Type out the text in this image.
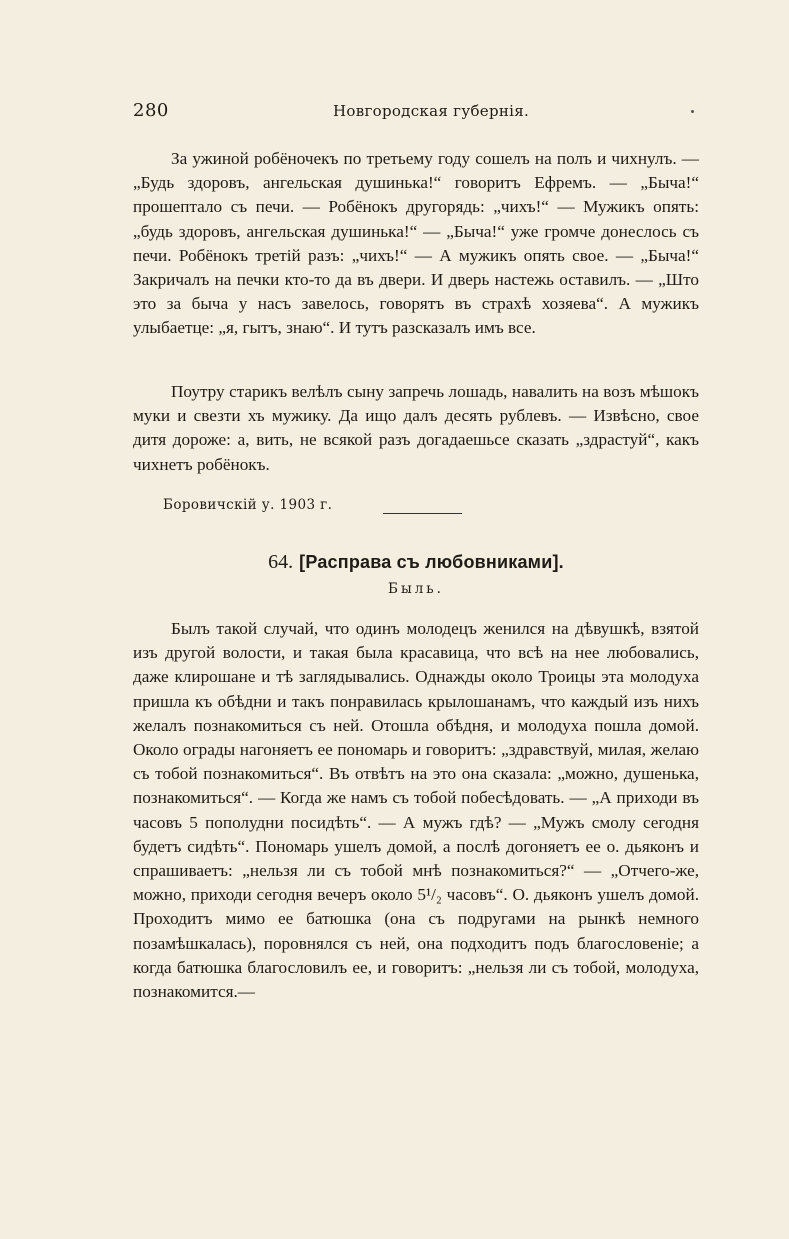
280	Новгородская губернія.

За ужиной робёночекъ по третьему году сошелъ на полъ и чихнулъ. — „Будь здоровъ, ангельская душинька!“ говоритъ Ефремъ. — „Быча!“ прошептало съ печи. — Робёнокъ другорядь: „чихъ!“ — Мужикъ опять: „будь здоровъ, ангельская душинька!“ — „Быча!“ уже громче донеслось съ печи. Робёнокъ третій разъ: „чихъ!“ — А мужикъ опять свое. — „Быча!“ Закричалъ на печки кто-то да въ двери. И дверь настежь оставилъ. — „Што это за быча у насъ завелось, говорятъ въ страхѣ хозяева“. А мужикъ улыбаетце: „я, гытъ, знаю“. И тутъ разсказалъ имъ все.

Поутру старикъ велѣлъ сыну запречь лошадь, навалить на возъ мѣшокъ муки и свезти хъ мужику. Да ищо далъ десять рублевъ. — Извѣсно, свое дитя дороже: а, вить, не всякой разъ догадаешьсе сказать „здрастуй“, какъ чихнетъ робёнокъ.

Боровичскій у. 1903 г.
64. [Расправа съ любовниками].
Быль.

Былъ такой случай, что одинъ молодецъ женился на дѣвушкѣ, взятой изъ другой волости, и такая была красавица, что всѣ на нее любовались, даже клирошане и тѣ заглядывались. Однажды около Троицы эта молодуха пришла къ обѣдни и такъ понравилась крылошанамъ, что каждый изъ нихъ желалъ познакомиться съ ней. Отошла обѣдня, и молодуха пошла домой. Около ограды нагоняетъ ее пономарь и говоритъ: „здравствуй, милая, желаю съ тобой познакомиться“. Въ отвѣтъ на это она сказала: „можно, душенька, познакомиться“. — Когда же намъ съ тобой побесѣдовать. — „А приходи въ часовъ 5 пополудни посидѣть“. — А мужъ гдѣ? — „Мужъ смолу сегодня будетъ сидѣть“. Пономарь ушелъ домой, а послѣ догоняетъ ее о. дьяконъ и спрашиваетъ: „нельзя ли съ тобой мнѣ познакомиться?“ — „Отчего-же, можно, приходи сегодня вечеръ около 5¹/₂ часовъ“. О. дьяконъ ушелъ домой. Проходитъ мимо ее батюшка (она съ подругами на рынкѣ немного позамѣшкалась), поровнялся съ ней, она подходитъ подъ благословеніе; а когда батюшка благословилъ ее, и говоритъ: „нельзя ли съ тобой, молодуха, познакомится.—
